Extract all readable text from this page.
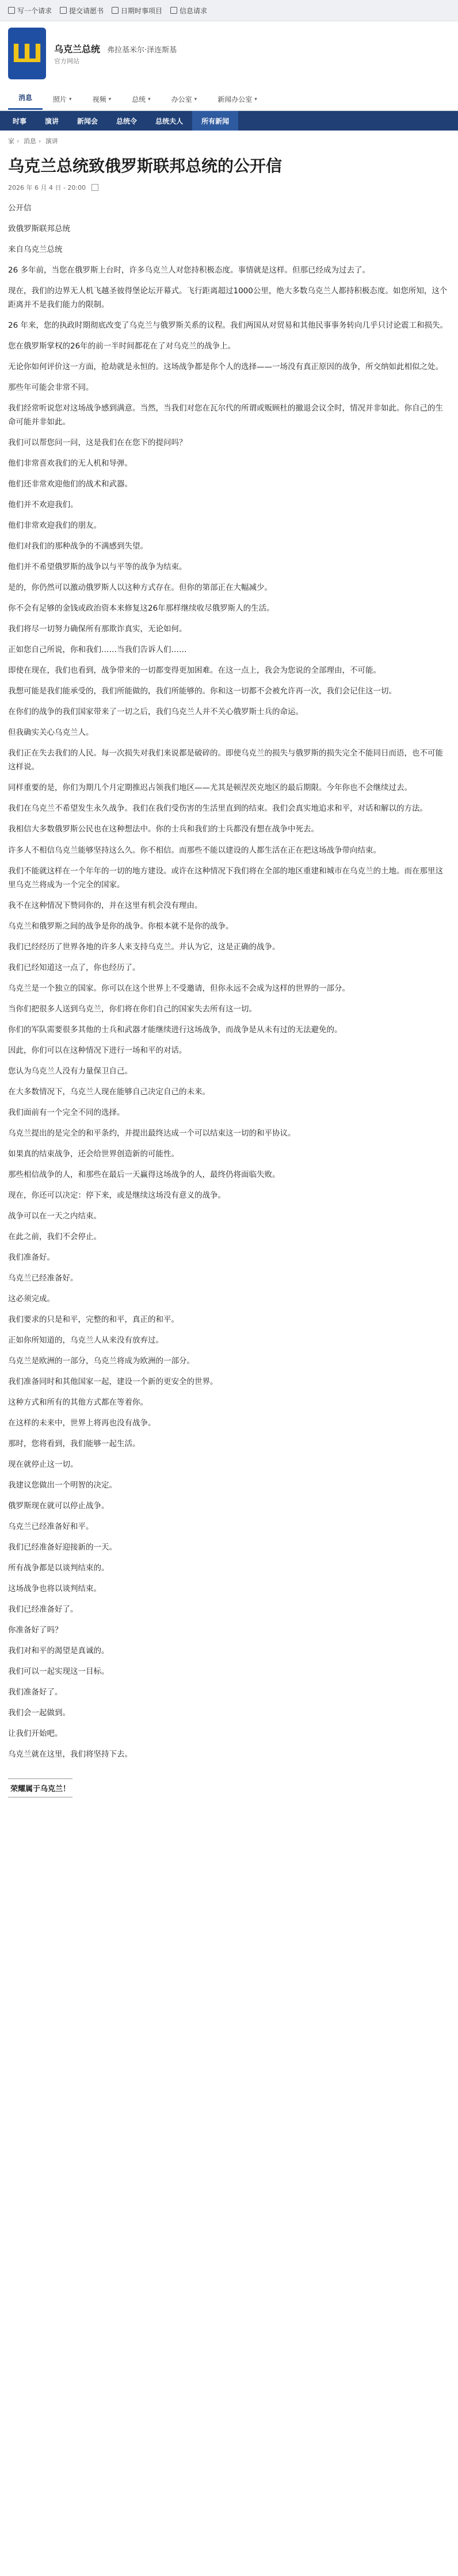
写一个请求	提交请愿书	日期时事项目	信息请求
Ш	乌克兰总统 弗拉基米尔·泽连斯基
官方网站
消息	照片 ▾	视频 ▾	总统 ▾	办公室 ▾	新闻办公室 ▾
时事	演讲	新闻会	总统令	总统夫人	所有新闻
家 › 消息 › 演讲
乌克兰总统致俄罗斯联邦总统的公开信
2026 年 6 月 4 日 - 20:00

公开信

致俄罗斯联邦总统

来自乌克兰总统

26 多年前，当您在俄罗斯上台时，许多乌克兰人对您持积极态度。事情就是这样。但那已经成为过去了。

现在，我们的边界无人机飞越圣彼得堡论坛开幕式。飞行距离超过1000公里，绝大多数乌克兰人都持积极态度。如您所知，这个距离并不是我们能力的限制。

26 年来，您的执政时期彻底改变了乌克兰与俄罗斯关系的议程。我们两国从对贸易和其他民事事务转向几乎只讨论震工和损失。

您在俄罗斯掌权的26年的前一半时间都花在了对乌克兰的战争上。

无论你如何评价这一方面，抢劫就是永恒的。这场战争都是你个人的选择——一场没有真正原因的战争，所交纳如此相似之处。

那些年可能会非常不同。

我们经常听说您对这场战争感到满意。当然，当我们对您在瓦尔代的所谓或贩顾杜的撤退会议全时，情况并非如此。你自己的生命可能并非如此。

我们可以帮您问一问，这是我们在在您下的提问吗？

他们非常喜欢我们的无人机和导弹。

他们还非常欢迎他们的战术和武器。

他们并不欢迎我们。

他们非常欢迎我们的朋友。

他们对我们的那种战争的不满感到失望。

他们并不希望俄罗斯的战争以与平等的战争为结束。

是的，你仍然可以激动俄罗斯人以这种方式存在。但你的第部正在大幅减少。

你不会有足够的金钱或政治资本来修复这26年那样继续收尽俄罗斯人的生活。

我们将尽一切努力确保所有那欺诈真实，无论如何。

正如您自己所说，你和我们……当我们告诉人们……

即使在现在，我们也看到，战争带来的一切都变得更加困难。在这一点上，我会为您说的全部理由，不可能。

我想可能是我们能承受的，我们所能做的，我们所能够的。你和这一切都不会被允许再一次，我们会记住这一切。

在你们的战争的我们国家带来了一切之后，我们乌克兰人并不关心俄罗斯士兵的命运。

但我确实关心乌克兰人。

我们正在失去我们的人民。每一次损失对我们来说都是破碎的。即使乌克兰的损失与俄罗斯的损失完全不能同日而语，也不可能这样说。

同样重要的是，你们为期几个月定期推迟占领我们地区——尤其是顿涅茨克地区的最后期限。今年你也不会继续过去。

我们在乌克兰不希望发生永久战争。我们在我们受伤害的生活里直到的结束。我们会真实地追求和平，对话和解以的方法。

我相信大多数俄罗斯公民也在这种想法中。你的士兵和我们的士兵都没有想在战争中死去。

许多人不相信乌克兰能够坚持这么久。你不相信。而那些不能以建设的人都生活在正在把这场战争带向结束。

我们不能就这样在一个年年的一切的地方建设。或许在这种情况下我们将在全部的地区重建和城市在乌克兰的土地。而在那里这里乌克兰将成为一个完全的国家。

我不在这种情况下赞同你的，并在这里有机会没有理由。

乌克兰和俄罗斯之间的战争是你的战争。你根本就不是你的战争。

我们已经经历了世界各地的许多人来支持乌克兰。并认为它，这是正确的战争。

我们已经知道这一点了，你也经历了。

乌克兰是一个独立的国家。你可以在这个世界上不受邀请，但你永远不会成为这样的世界的一部分。

当你们把很多人送到乌克兰，你们将在你们自己的国家失去所有这一切。

你们的军队需要很多其他的士兵和武器才能继续进行这场战争，而战争是从未有过的无法避免的。

因此，你们可以在这种情况下进行一场和平的对话。

您认为乌克兰人没有力量保卫自己。

在大多数情况下，乌克兰人现在能够自己决定自己的未来。

我们面前有一个完全不同的选择。

乌克兰提出的是完全的和平条约，并提出最终达成一个可以结束这一切的和平协议。

如果真的结束战争，还会给世界创造新的可能性。

那些相信战争的人，和那些在最后一天赢得这场战争的人，最终仍将面临失败。

现在，你还可以决定：停下来，或是继续这场没有意义的战争。

战争可以在一天之内结束。

在此之前，我们不会停止。

我们准备好。

乌克兰已经准备好。

这必须完成。

我们要求的只是和平，完整的和平，真正的和平。

正如你所知道的，乌克兰人从来没有放弃过。

乌克兰是欧洲的一部分，乌克兰将成为欧洲的一部分。

我们准备同时和其他国家一起，建设一个新的更安全的世界。

这种方式和所有的其他方式都在等着你。

在这样的未来中，世界上将再也没有战争。

那时，您将看到，我们能够一起生活。

现在就停止这一切。

我建议您做出一个明智的决定。

俄罗斯现在就可以停止战争。

乌克兰已经准备好和平。

我们已经准备好迎接新的一天。

所有战争都是以谈判结束的。

这场战争也将以谈判结束。

我们已经准备好了。

你准备好了吗？

我们对和平的渴望是真诚的。

我们可以一起实现这一目标。

我们准备好了。

我们会一起做到。

让我们开始吧。

乌克兰就在这里，我们将坚持下去。

荣耀属于乌克兰！
